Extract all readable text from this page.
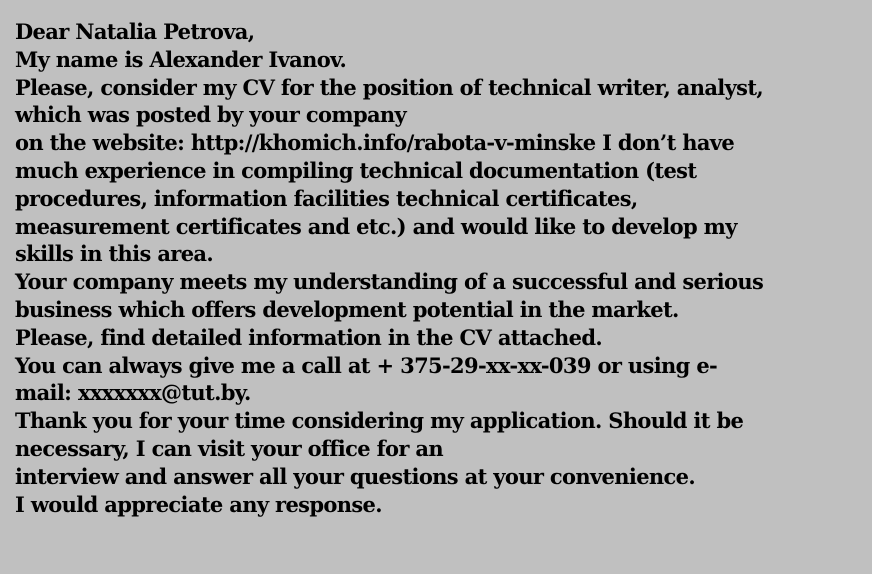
Dear Natalia Petrova,
My name is Alexander Ivanov.
Please, consider my CV for the position of technical writer, analyst,
which was posted by your company
on the website: http://khomich.info/rabota-v-minske I don’t have
much experience in compiling technical documentation (test
procedures, information facilities technical certificates,
measurement certificates and etc.) and would like to develop my
skills in this area.
Your company meets my understanding of a successful and serious
business which offers development potential in the market.
Please, find detailed information in the CV attached.
You can always give me a call at + 375-29-xx-xx-039 or using e-
mail: xxxxxxx@tut.by.
Thank you for your time considering my application. Should it be
necessary, I can visit your office for an
interview and answer all your questions at your convenience.
I would appreciate any response.
